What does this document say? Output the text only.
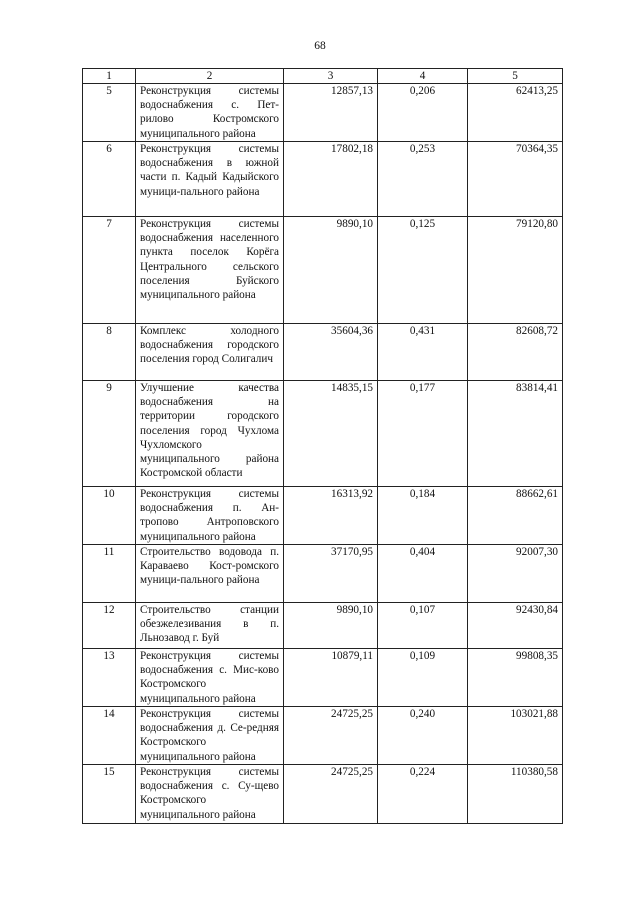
68
1	2	3	4	5
5	Реконструкция системы водоснабжения с. Пет-рилово Костромского муниципального района	12857,13	0,206	62413,25
6	Реконструкция системы водоснабжения в южной части п. Кадый Кадыйского муници-пального района	17802,18	0,253	70364,35
7	Реконструкция системы водоснабжения населенного пункта поселок Корёга Центрального сельского поселения Буйского муниципального района	9890,10	0,125	79120,80
8	Комплекс холодного водоснабжения городского поселения город Солигалич	35604,36	0,431	82608,72
9	Улучшение качества водоснабжения на территории городского поселения город Чухлома Чухломского муниципального района Костромской области	14835,15	0,177	83814,41
10	Реконструкция системы водоснабжения п. Ан-тропово Антроповского муниципального района	16313,92	0,184	88662,61
11	Строительство водовода п. Караваево Кост-ромского муници-пального района	37170,95	0,404	92007,30
12	Строительство станции обезжелезивания в п. Льнозавод г. Буй	9890,10	0,107	92430,84
13	Реконструкция системы водоснабжения с. Мис-ково Костромского муниципального района	10879,11	0,109	99808,35
14	Реконструкция системы водоснабжения д. Се-редняя Костромского муниципального района	24725,25	0,240	103021,88
15	Реконструкция системы водоснабжения с. Су-щево Костромского муниципального района	24725,25	0,224	110380,58
